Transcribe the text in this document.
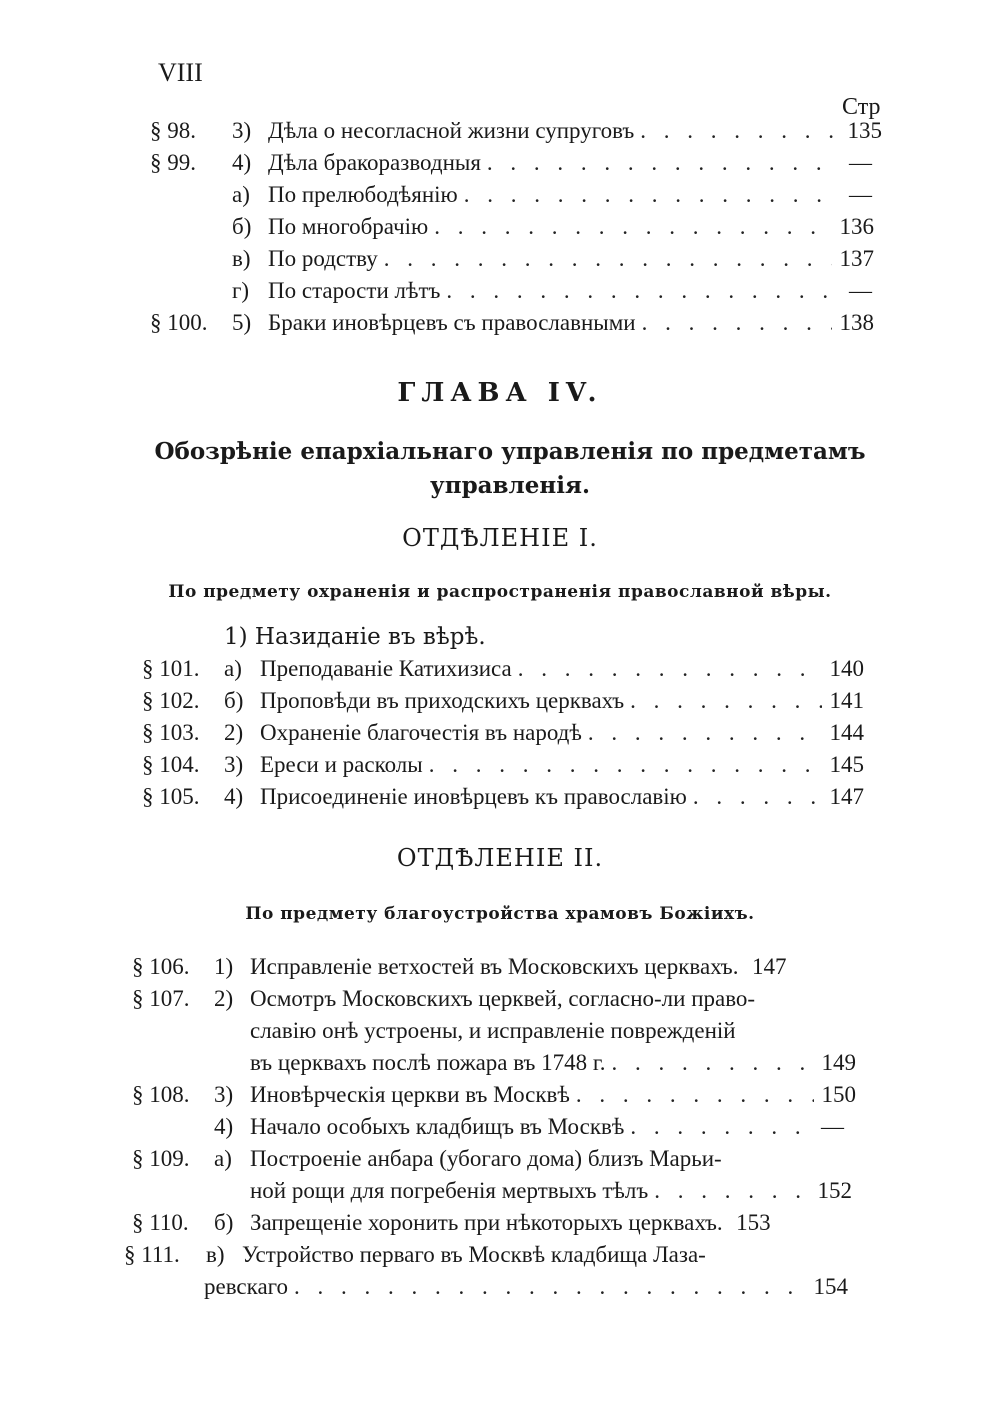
VIII
Стр
§ 98.	3) Дѣла о несогласной жизни супруговъ . . .	135
§ 99.	4) Дѣла бракоразводныя . . .	—
а) По прелюбодѣянію . . .	—
б) По многобрачію . . .	136
в) По родству . . .	137
г) По старости лѣтъ . . .	—
§ 100.	5) Браки иновѣрцевъ съ православными . . .	138
ГЛАВА IV.
Обозрѣніе епархіальнаго управленія по предметамъ
управленія.
ОТДѢЛЕНІЕ I.
По предмету охраненія и распространенія православной вѣры.
1) Назиданіе въ вѣрѣ.
§ 101.	а) Преподаваніе Катихизиса . . .	140
§ 102.	б) Проповѣди въ приходскихъ церквахъ . . .	141
§ 103.	2) Охраненіе благочестія въ народѣ . . .	144
§ 104.	3) Ереси и расколы . . .	145
§ 105.	4) Присоединеніе иновѣрцевъ къ православію . . .	147
ОТДѢЛЕНІЕ II.
По предмету благоустройства храмовъ Божіихъ.
§ 106.	1) Исправленіе ветхостей въ Московскихъ церквахъ. 147
§ 107.	2) Осмотръ Московскихъ церквей, согласно-ли право-
славію онѣ устроены, и исправленіе поврежденій
въ церквахъ послѣ пожара въ 1748 г. . . .	149
§ 108.	3) Иновѣрческія церкви въ Москвѣ . . .	150
4) Начало особыхъ кладбищъ въ Москвѣ . . .	—
§ 109.	а) Построеніе анбара (убогаго дома) близъ Марьи-
ной рощи для погребенія мертвыхъ тѣлъ . . .	152
§ 110.	б) Запрещеніе хоронить при нѣкоторыхъ церквахъ. 153
§ 111.	в) Устройство перваго въ Москвѣ кладбища Лаза-
ревскаго . . .	154
